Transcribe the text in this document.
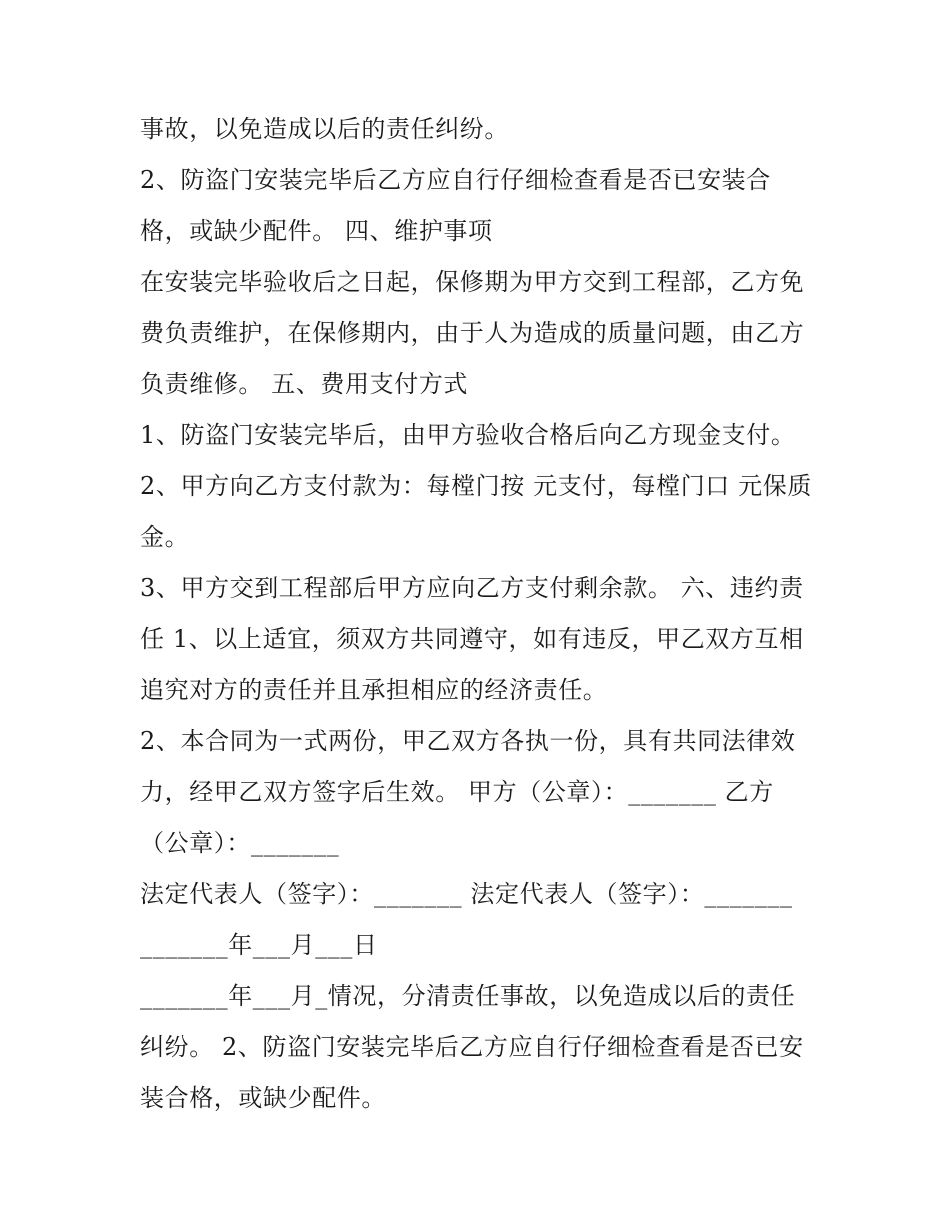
事故，以免造成以后的责任纠纷。
2、防盗门安装完毕后乙方应自行仔细检查看是否已安装合
格，或缺少配件。 四、维护事项
在安装完毕验收后之日起，保修期为甲方交到工程部，乙方免
费负责维护，在保修期内，由于人为造成的质量问题，由乙方
负责维修。 五、费用支付方式
1、防盗门安装完毕后，由甲方验收合格后向乙方现金支付。
2、甲方向乙方支付款为：每樘门按 元支付，每樘门口 元保质
金。
3、甲方交到工程部后甲方应向乙方支付剩余款。 六、违约责
任 1、以上适宜，须双方共同遵守，如有违反，甲乙双方互相
追究对方的责任并且承担相应的经济责任。
2、本合同为一式两份，甲乙双方各执一份，具有共同法律效
力，经甲乙双方签字后生效。 甲方（公章）：_______ 乙方
（公章）：_______
法定代表人（签字）：_______ 法定代表人（签字）：_______
_______年___月___日
_______年___月_情况，分清责任事故，以免造成以后的责任
纠纷。 2、防盗门安装完毕后乙方应自行仔细检查看是否已安
装合格，或缺少配件。
